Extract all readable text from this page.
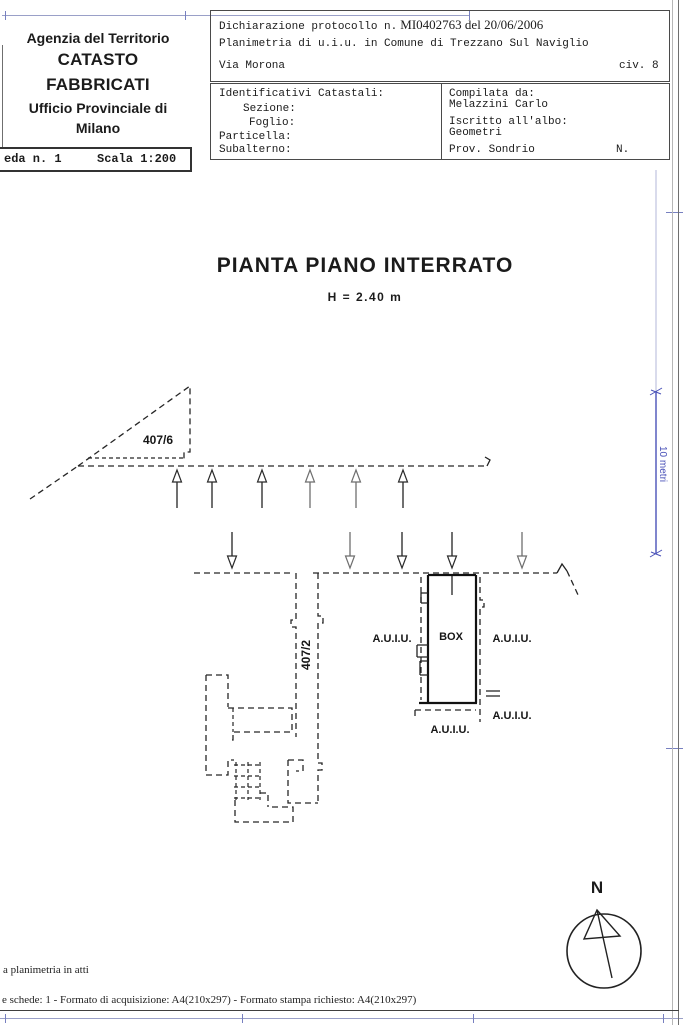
Agenzia del Territorio
CATASTO FABBRICATI
Ufficio Provinciale di
Milano
eda n. 1	Scala 1:200
Dichiarazione protocollo n. MI0402763 del 20/06/2006
Planimetria di u.i.u. in Comune di Trezzano Sul Naviglio
Via Morona	civ. 8
Identificativi Catastali:
Sezione:
Foglio:
Particella:
Subalterno:
Compilata da:
Melazzini Carlo
Iscritto all'albo:
Geometri
Prov. Sondrio	N.
PIANTA PIANO INTERRATO
H = 2.40 m
407/6
407/2
A.U.I.U.	BOX	A.U.I.U.
A.U.I.U.
A.U.I.U.
N
10 metri
a planimetria in atti
e schede: 1 - Formato di acquisizione: A4(210x297) - Formato stampa richiesto: A4(210x297)
